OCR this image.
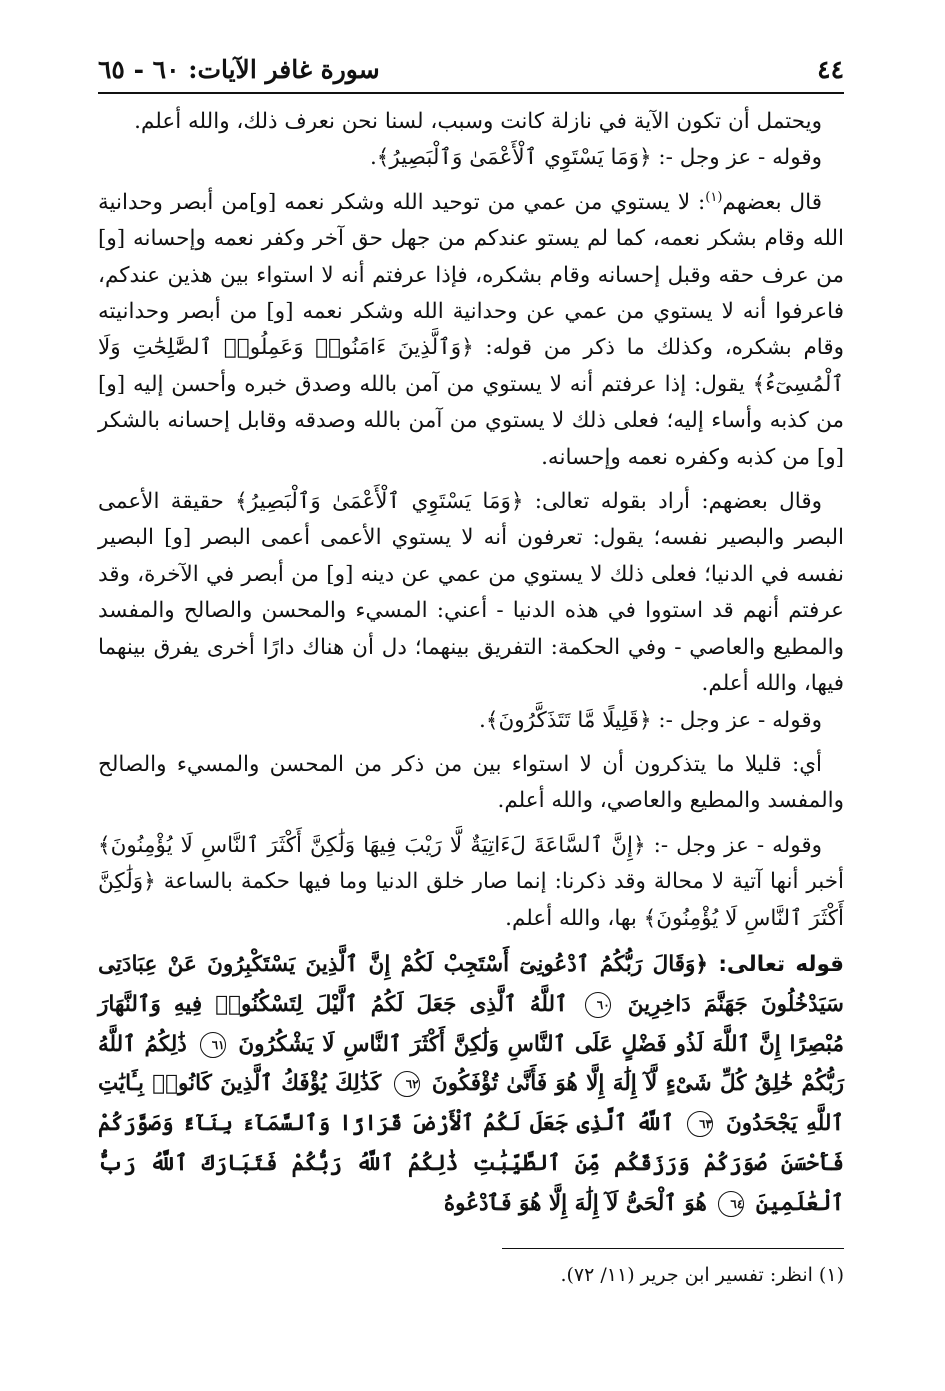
٤٤
سورة غافر الآيات: ٦٠ - ٦٥

ويحتمل أن تكون الآية في نازلة كانت وسبب، لسنا نحن نعرف ذلك، والله أعلم.

وقوله - عز وجل -: ﴿وَمَا يَسْتَوِي ٱلْأَعْمَىٰ وَٱلْبَصِيرُ﴾.

قال بعضهم$^{(١)}$: لا يستوي من عمي من توحيد الله وشكر نعمه [و]من أبصر وحدانية الله وقام بشكر نعمه، كما لم يستو عندكم من جهل حق آخر وكفر نعمه وإحسانه [و] من عرف حقه وقبل إحسانه وقام بشكره، فإذا عرفتم أنه لا استواء بين هذين عندكم، فاعرفوا أنه لا يستوي من عمي عن وحدانية الله وشكر نعمه [و] من أبصر وحدانيته وقام بشكره، وكذلك ما ذكر من قوله: ﴿وَٱلَّذِينَ ءَامَنُوا۟ وَعَمِلُوا۟ ٱلصَّٰلِحَٰتِ وَلَا ٱلْمُسِىٓءُ﴾ يقول: إذا عرفتم أنه لا يستوي من آمن بالله وصدق خبره وأحسن إليه [و] من كذبه وأساء إليه؛ فعلى ذلك لا يستوي من آمن بالله وصدقه وقابل إحسانه بالشكر [و] من كذبه وكفره نعمه وإحسانه.

وقال بعضهم: أراد بقوله تعالى: ﴿وَمَا يَسْتَوِي ٱلْأَعْمَىٰ وَٱلْبَصِيرُ﴾ حقيقة الأعمى البصر والبصير نفسه؛ يقول: تعرفون أنه لا يستوي الأعمى أعمى البصر [و] البصير نفسه في الدنيا؛ فعلى ذلك لا يستوي من عمي عن دينه [و] من أبصر في الآخرة، وقد عرفتم أنهم قد استووا في هذه الدنيا - أعني: المسيء والمحسن والصالح والمفسد والمطيع والعاصي - وفي الحكمة: التفريق بينهما؛ دل أن هناك دارًا أخرى يفرق بينهما فيها، والله أعلم.

وقوله - عز وجل -: ﴿قَلِيلًا مَّا تَتَذَكَّرُونَ﴾.

أي: قليلا ما يتذكرون أن لا استواء بين من ذكر من المحسن والمسيء والصالح والمفسد والمطيع والعاصي، والله أعلم.

وقوله - عز وجل -: ﴿إِنَّ ٱلسَّاعَةَ لَءَاتِيَةٌ لَّا رَيْبَ فِيهَا وَلَٰكِنَّ أَكْثَرَ ٱلنَّاسِ لَا يُؤْمِنُونَ﴾ أخبر أنها آتية لا محالة وقد ذكرنا: إنما صار خلق الدنيا وما فيها حكمة بالساعة ﴿وَلَٰكِنَّ أَكْثَرَ ٱلنَّاسِ لَا يُؤْمِنُونَ﴾ بها، والله أعلم.

قوله تعالى: ﴿وَقَالَ رَبُّكُمُ ٱدْعُونِىٓ أَسْتَجِبْ لَكُمْ إِنَّ ٱلَّذِينَ يَسْتَكْبِرُونَ عَنْ عِبَادَتِى سَيَدْخُلُونَ جَهَنَّمَ دَاخِرِينَ ٦٠ ٱللَّهُ ٱلَّذِى جَعَلَ لَكُمُ ٱلَّيْلَ لِتَسْكُنُوا۟ فِيهِ وَٱلنَّهَارَ مُبْصِرًا إِنَّ ٱللَّهَ لَذُو فَضْلٍ عَلَى ٱلنَّاسِ وَلَٰكِنَّ أَكْثَرَ ٱلنَّاسِ لَا يَشْكُرُونَ ٦١ ذَٰلِكُمُ ٱللَّهُ رَبُّكُمْ خَٰلِقُ كُلِّ شَىْءٍ لَّآ إِلَٰهَ إِلَّا هُوَ فَأَنَّىٰ تُؤْفَكُونَ ٦٢ كَذَٰلِكَ يُؤْفَكُ ٱلَّذِينَ كَانُوا۟ بِـَٔايَٰتِ ٱللَّهِ يَجْحَدُونَ ٦٣ ٱللَّهُ ٱلَّذِى جَعَلَ لَكُمُ ٱلْأَرْضَ قَرَارًا وَٱلسَّمَآءَ بِنَآءً وَصَوَّرَكُمْ فَأَحْسَنَ صُوَرَكُمْ وَرَزَقَكُم مِّنَ ٱلطَّيِّبَٰتِ ذَٰلِكُمُ ٱللَّهُ رَبُّكُمْ فَتَبَارَكَ ٱللَّهُ رَبُّ ٱلْعَٰلَمِينَ ٦٤ هُوَ ٱلْحَىُّ لَآ إِلَٰهَ إِلَّا هُوَ فَٱدْعُوهُ
(١) انظر: تفسير ابن جرير (١١/ ٧٢).
